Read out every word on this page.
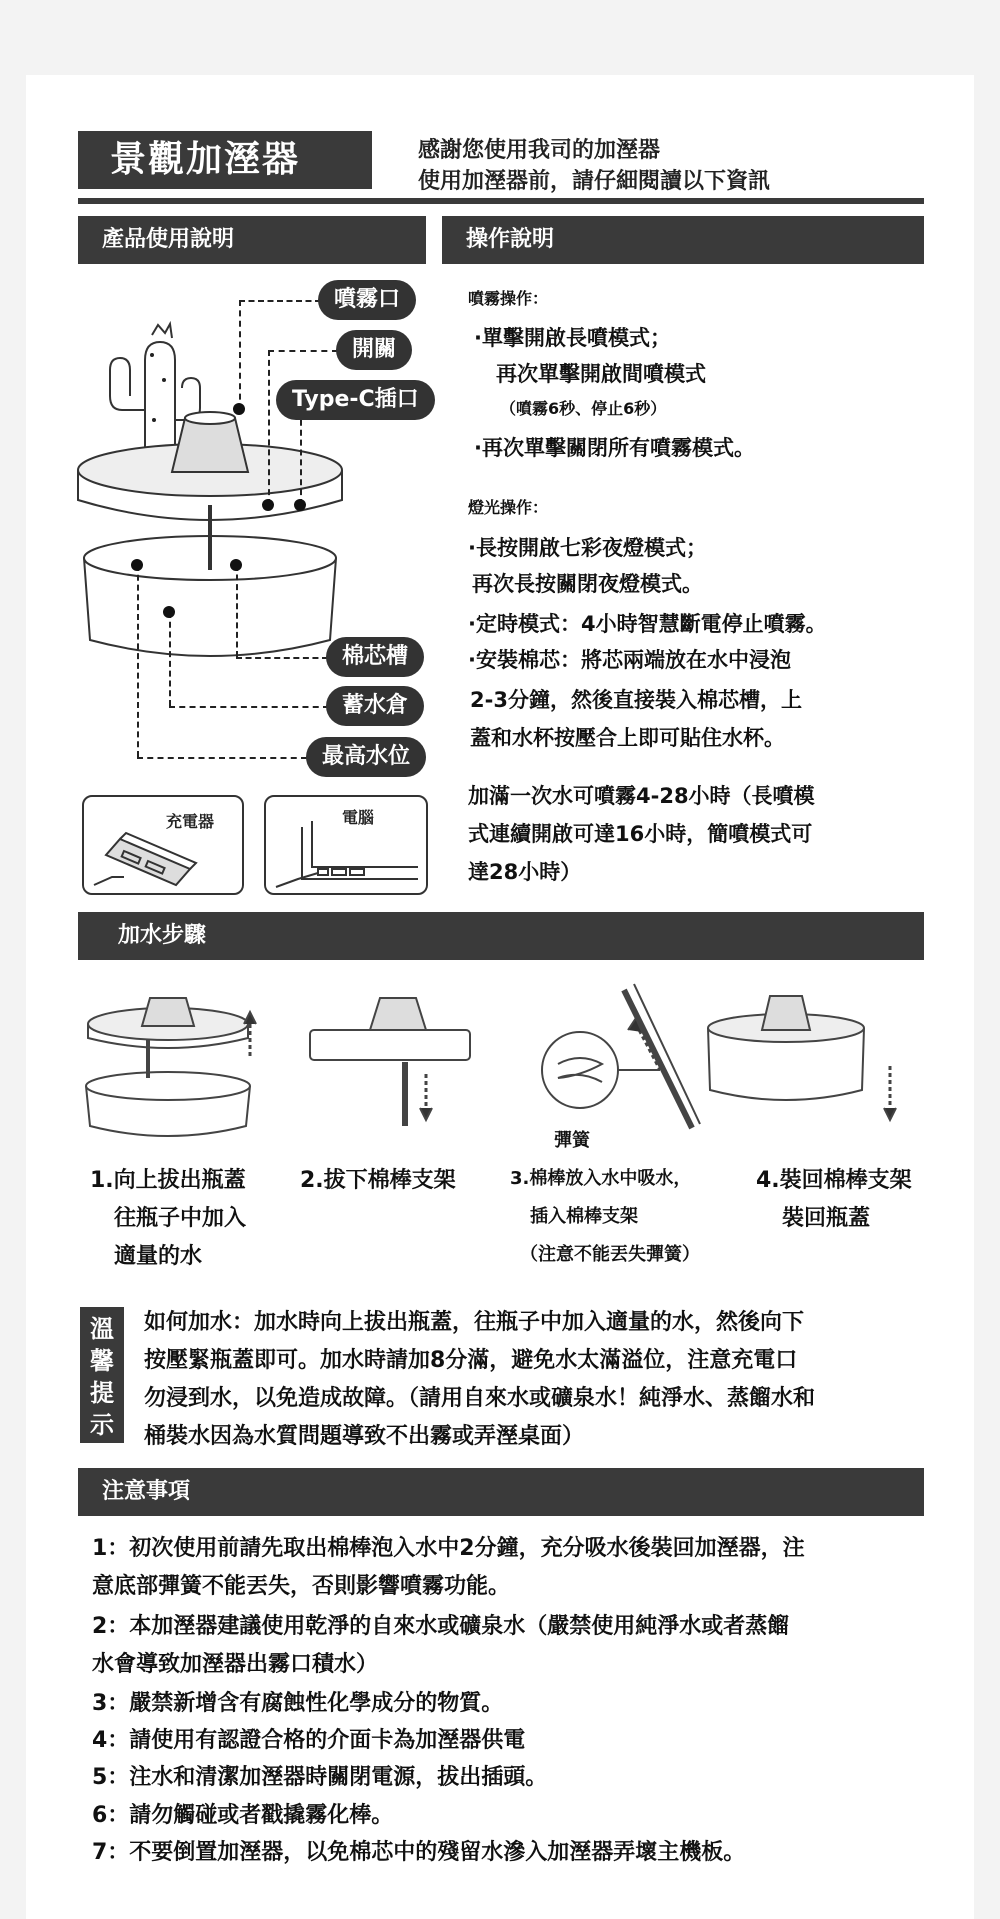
景觀加溼器	感謝您使用我司的加溼器
使用加溼器前，請仔細閱讀以下資訊
產品使用說明	操作說明
噴霧口
開關
Type-C插口
棉芯槽
蓄水倉
最高水位
充電器	電腦
噴霧操作：
·單擊開啟長噴模式；
再次單擊開啟間噴模式
（噴霧6秒、停止6秒）
·再次單擊關閉所有噴霧模式。
燈光操作：
·長按開啟七彩夜燈模式；
再次長按關閉夜燈模式。
·定時模式：4小時智慧斷電停止噴霧。
·安裝棉芯：將芯兩端放在水中浸泡
2-3分鐘，然後直接裝入棉芯槽，上
蓋和水杯按壓合上即可貼住水杯。
加滿一次水可噴霧4-28小時（長噴模
式連續開啟可達16小時，簡噴模式可
達28小時）
加水步驟
彈簧
1.向上拔出瓶蓋
往瓶子中加入
適量的水
2.拔下棉棒支架	3.棉棒放入水中吸水，
插入棉棒支架
（注意不能丟失彈簧）
4.裝回棉棒支架
裝回瓶蓋
溫
馨
提
示
如何加水：加水時向上拔出瓶蓋，往瓶子中加入適量的水，然後向下
按壓緊瓶蓋即可。加水時請加8分滿，避免水太滿溢位，注意充電口
勿浸到水，以免造成故障。（請用自來水或礦泉水！純淨水、蒸餾水和
桶裝水因為水質問題導致不出霧或弄溼桌面）
注意事項
1：初次使用前請先取出棉棒泡入水中2分鐘，充分吸水後裝回加溼器，注
意底部彈簧不能丟失，否則影響噴霧功能。
2：本加溼器建議使用乾淨的自來水或礦泉水（嚴禁使用純淨水或者蒸餾
水會導致加溼器出霧口積水）
3：嚴禁新增含有腐蝕性化學成分的物質。
4：請使用有認證合格的介面卡為加溼器供電
5：注水和清潔加溼器時關閉電源，拔出插頭。
6：請勿觸碰或者戳撬霧化棒。
7：不要倒置加溼器，以免棉芯中的殘留水滲入加溼器弄壞主機板。
